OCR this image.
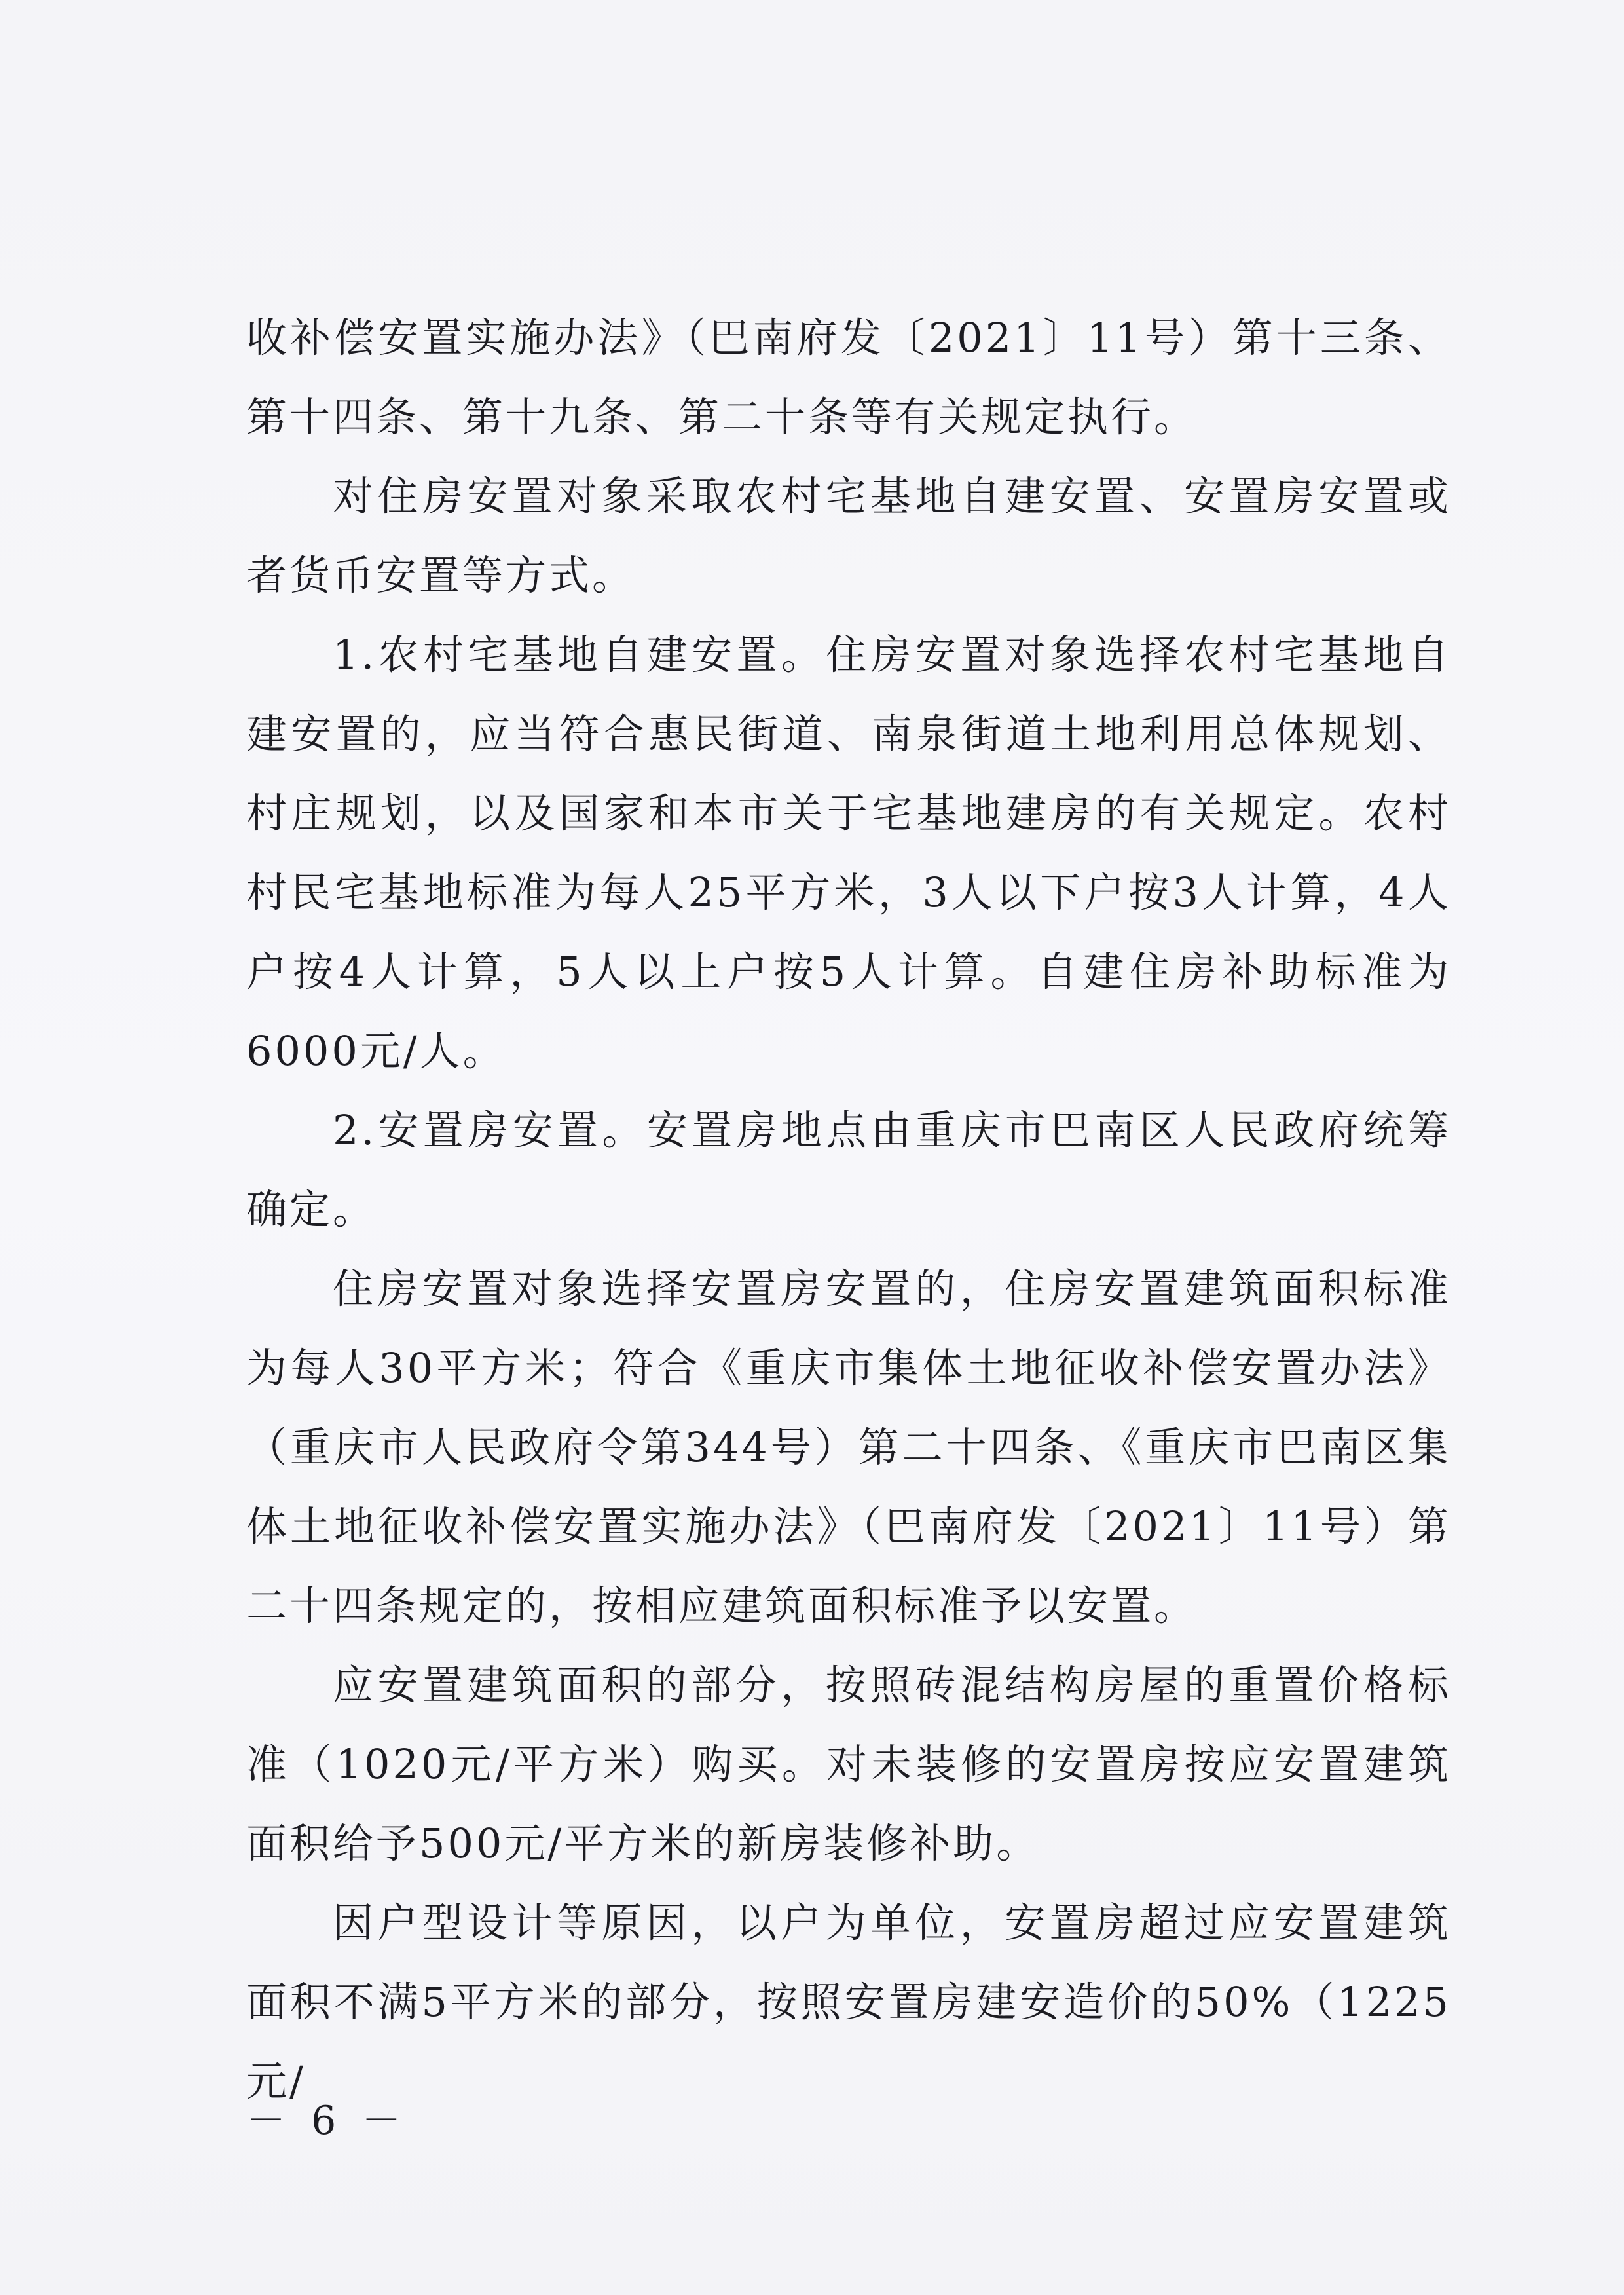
收补偿安置实施办法》（巴南府发〔2021〕11号）第十三条、第十四条、第十九条、第二十条等有关规定执行。

对住房安置对象采取农村宅基地自建安置、安置房安置或者货币安置等方式。

1.农村宅基地自建安置。住房安置对象选择农村宅基地自建安置的，应当符合惠民街道、南泉街道土地利用总体规划、村庄规划，以及国家和本市关于宅基地建房的有关规定。农村村民宅基地标准为每人25平方米，3人以下户按3人计算，4人户按4人计算，5人以上户按5人计算。自建住房补助标准为6000元/人。

2.安置房安置。安置房地点由重庆市巴南区人民政府统筹确定。

住房安置对象选择安置房安置的，住房安置建筑面积标准为每人30平方米；符合《重庆市集体土地征收补偿安置办法》（重庆市人民政府令第344号）第二十四条、《重庆市巴南区集体土地征收补偿安置实施办法》（巴南府发〔2021〕11号）第二十四条规定的，按相应建筑面积标准予以安置。

应安置建筑面积的部分，按照砖混结构房屋的重置价格标准（1020元/平方米）购买。对未装修的安置房按应安置建筑面积给予500元/平方米的新房装修补助。

因户型设计等原因，以户为单位，安置房超过应安置建筑面积不满5平方米的部分，按照安置房建安造价的50%（1225元/

－ 6 －
